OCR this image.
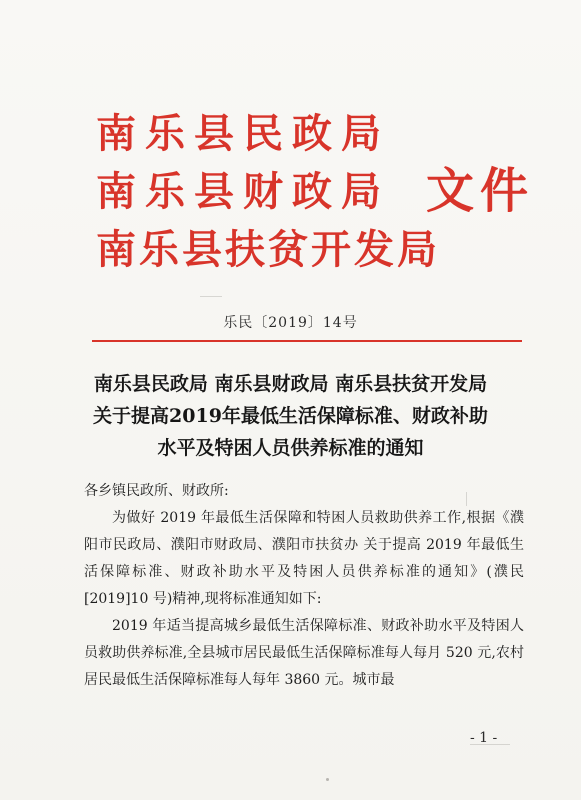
南乐县民政局
南乐县财政局
南乐县扶贫开发局
文件
乐民〔2019〕14号
南乐县民政局 南乐县财政局 南乐县扶贫开发局
关于提高2019年最低生活保障标准、财政补助
水平及特困人员供养标准的通知

各乡镇民政所、财政所:

为做好 2019 年最低生活保障和特困人员救助供养工作,根据《濮阳市民政局、濮阳市财政局、濮阳市扶贫办 关于提高 2019 年最低生活保障标准、财政补助水平及特困人员供养标准的通知》(濮民[2019]10 号)精神,现将标准通知如下:

2019 年适当提高城乡最低生活保障标准、财政补助水平及特困人员救助供养标准,全县城市居民最低生活保障标准每人每月 520 元,农村居民最低生活保障标准每人每年 3860 元。城市最

- 1 -
